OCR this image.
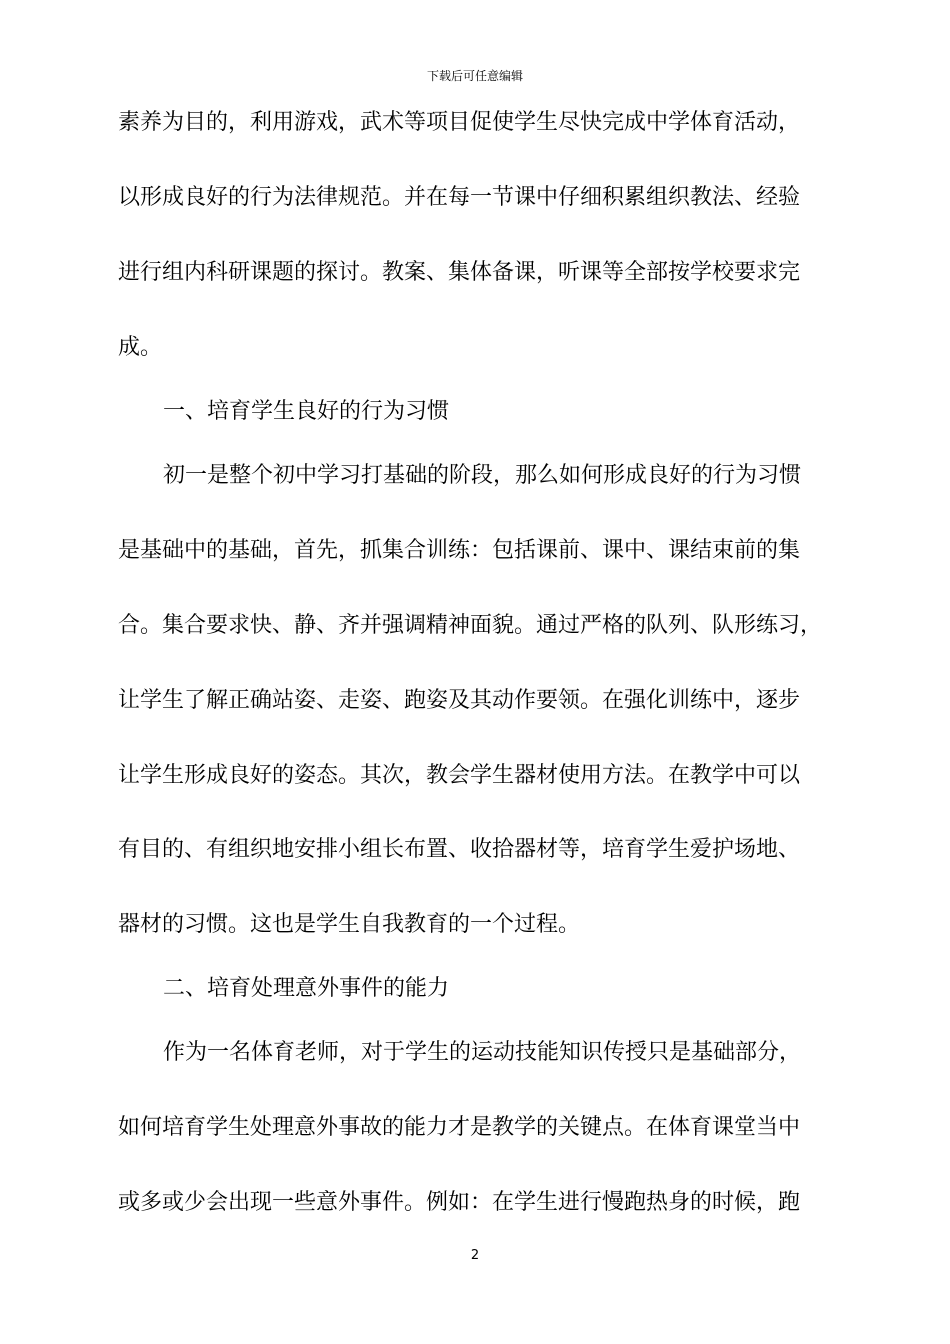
下载后可任意编辑
素养为目的，利用游戏，武术等项目促使学生尽快完成中学体育活动，
以形成良好的行为法律规范。并在每一节课中仔细积累组织教法、经验
进行组内科研课题的探讨。教案、集体备课，听课等全部按学校要求完
成。
一、培育学生良好的行为习惯
初一是整个初中学习打基础的阶段，那么如何形成良好的行为习惯
是基础中的基础，首先，抓集合训练：包括课前、课中、课结束前的集
合。集合要求快、静、齐并强调精神面貌。通过严格的队列、队形练习，
让学生了解正确站姿、走姿、跑姿及其动作要领。在强化训练中，逐步
让学生形成良好的姿态。其次，教会学生器材使用方法。在教学中可以
有目的、有组织地安排小组长布置、收拾器材等，培育学生爱护场地、
器材的习惯。这也是学生自我教育的一个过程。
二、培育处理意外事件的能力
作为一名体育老师，对于学生的运动技能知识传授只是基础部分，
如何培育学生处理意外事故的能力才是教学的关键点。在体育课堂当中
或多或少会出现一些意外事件。例如：在学生进行慢跑热身的时候，跑
2
